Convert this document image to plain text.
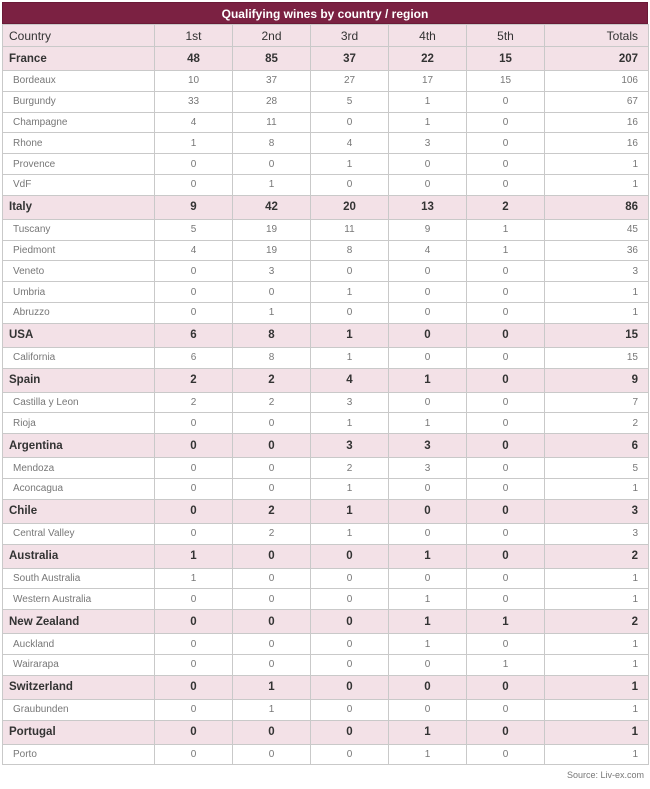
Qualifying wines by country / region
Country	1st	2nd	3rd	4th	5th	Totals
France	48	85	37	22	15	207
Bordeaux	10	37	27	17	15	106
Burgundy	33	28	5	1	0	67
Champagne	4	11	0	1	0	16
Rhone	1	8	4	3	0	16
Provence	0	0	1	0	0	1
VdF	0	1	0	0	0	1
Italy	9	42	20	13	2	86
Tuscany	5	19	11	9	1	45
Piedmont	4	19	8	4	1	36
Veneto	0	3	0	0	0	3
Umbria	0	0	1	0	0	1
Abruzzo	0	1	0	0	0	1
USA	6	8	1	0	0	15
California	6	8	1	0	0	15
Spain	2	2	4	1	0	9
Castilla y Leon	2	2	3	0	0	7
Rioja	0	0	1	1	0	2
Argentina	0	0	3	3	0	6
Mendoza	0	0	2	3	0	5
Aconcagua	0	0	1	0	0	1
Chile	0	2	1	0	0	3
Central Valley	0	2	1	0	0	3
Australia	1	0	0	1	0	2
South Australia	1	0	0	0	0	1
Western Australia	0	0	0	1	0	1
New Zealand	0	0	0	1	1	2
Auckland	0	0	0	1	0	1
Wairarapa	0	0	0	0	1	1
Switzerland	0	1	0	0	0	1
Graubunden	0	1	0	0	0	1
Portugal	0	0	0	1	0	1
Porto	0	0	0	1	0	1
Source: Liv-ex.com
